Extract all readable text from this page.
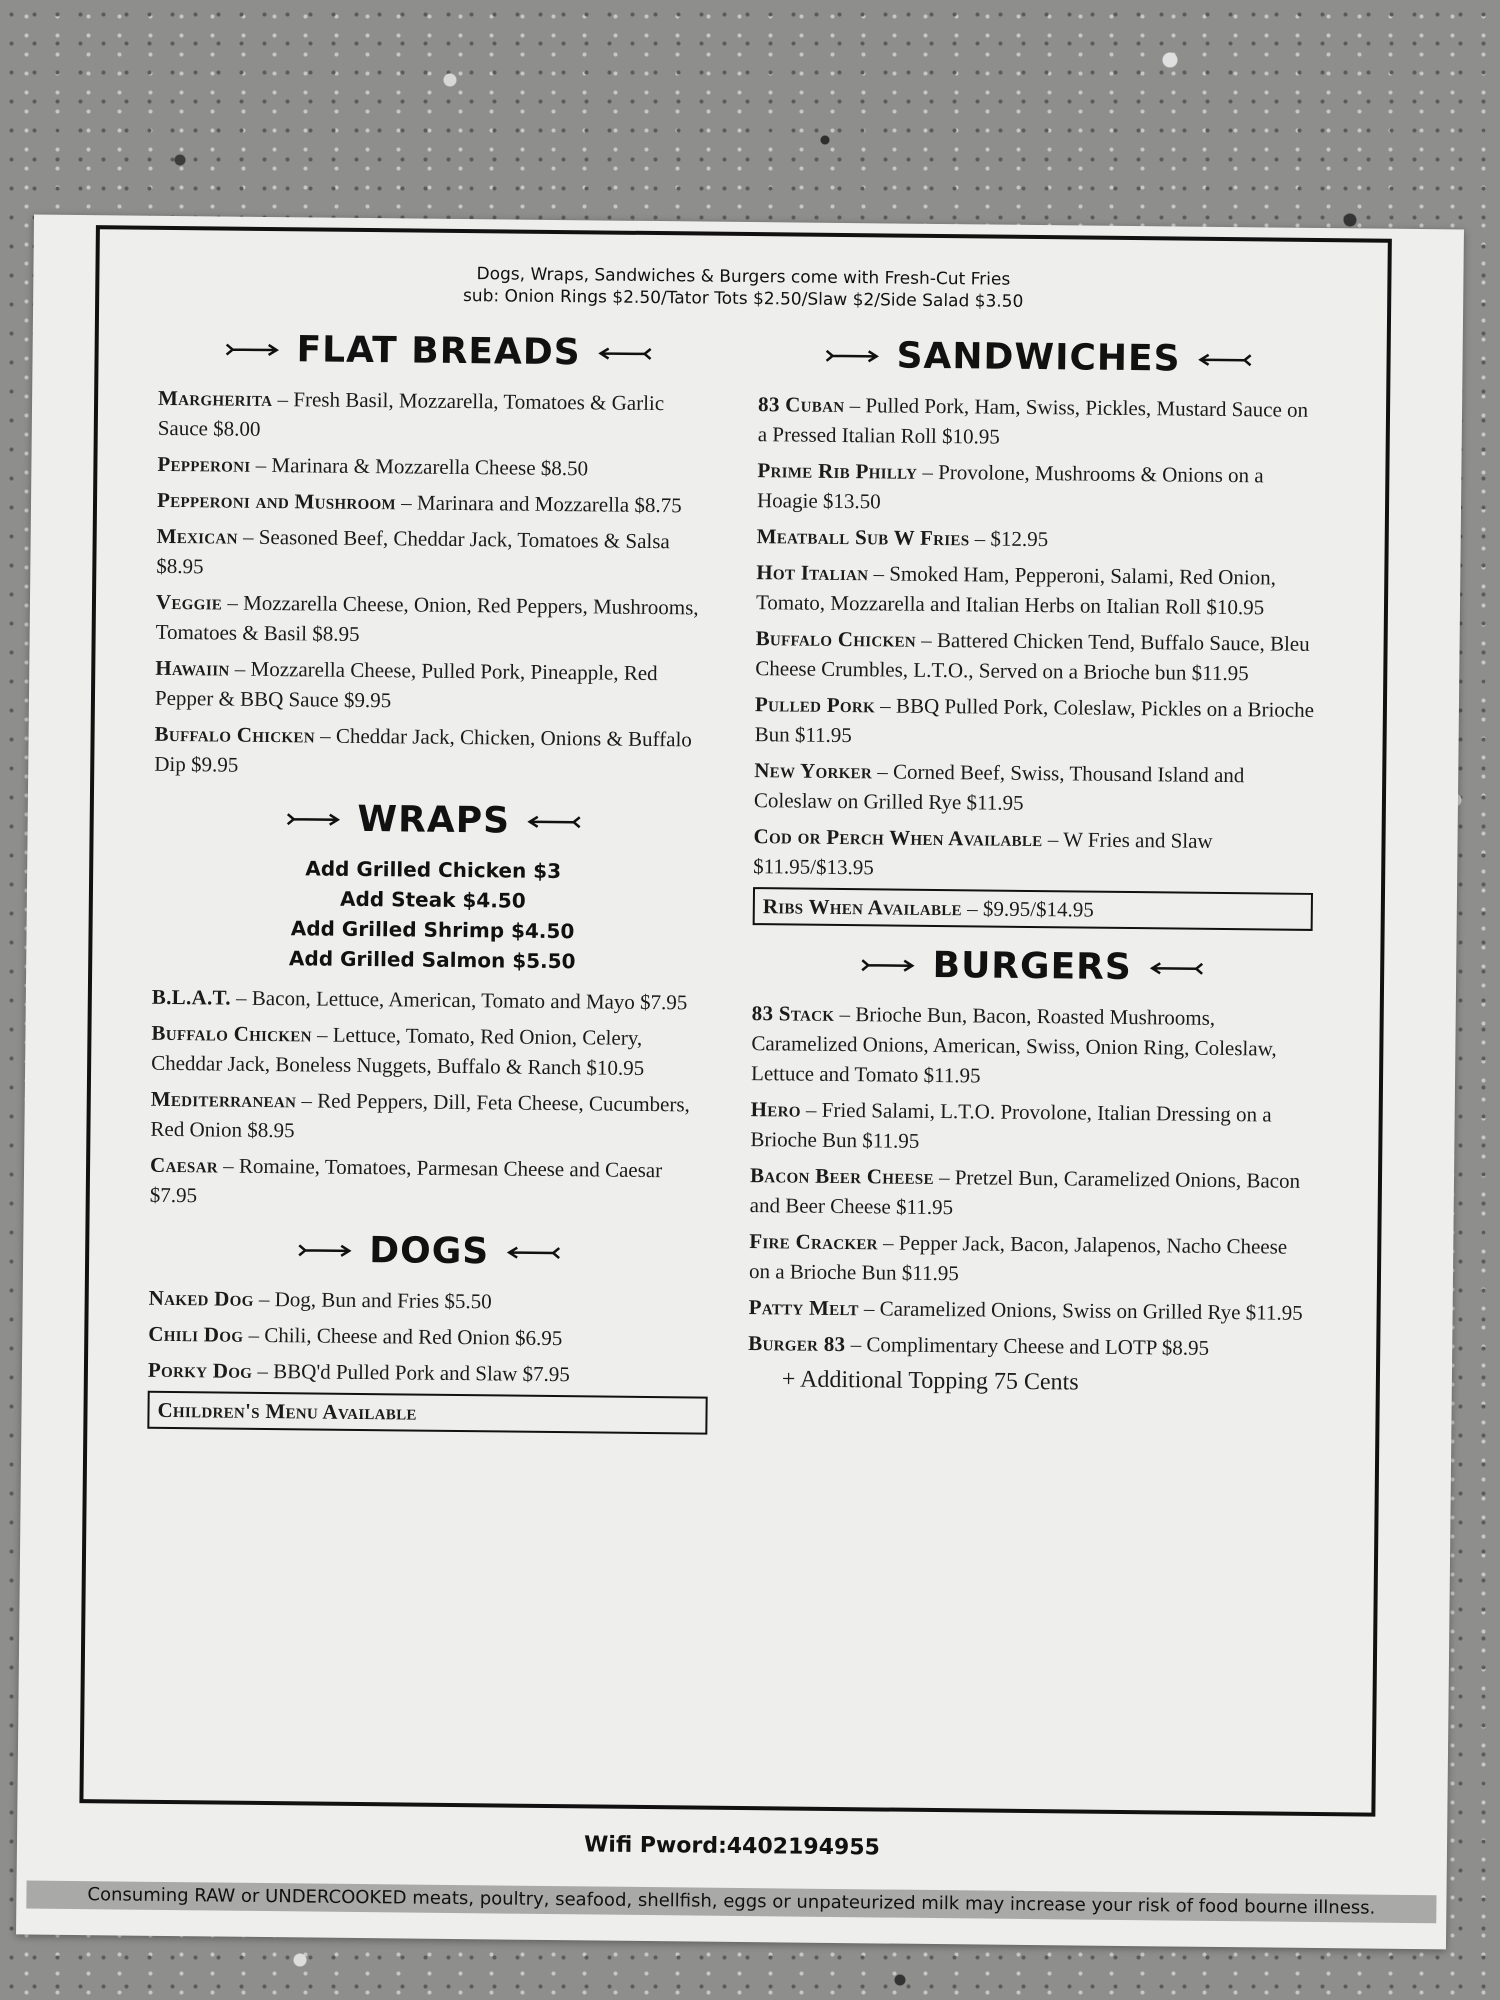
Dogs, Wraps, Sandwiches & Burgers come with Fresh-Cut Fries
sub: Onion Rings $2.50/Tator Tots $2.50/Slaw $2/Side Salad $3.50
FLAT BREADS
Margherita – Fresh Basil, Mozzarella, Tomatoes & Garlic Sauce $8.00
Pepperoni – Marinara & Mozzarella Cheese $8.50
Pepperoni and Mushroom – Marinara and Mozzarella $8.75
Mexican – Seasoned Beef, Cheddar Jack, Tomatoes & Salsa $8.95
Veggie – Mozzarella Cheese, Onion, Red Peppers, Mushrooms, Tomatoes & Basil $8.95
Hawaiin – Mozzarella Cheese, Pulled Pork, Pineapple, Red Pepper & BBQ Sauce $9.95
Buffalo Chicken – Cheddar Jack, Chicken, Onions & Buffalo Dip $9.95
WRAPS
Add Grilled Chicken $3
Add Steak $4.50
Add Grilled Shrimp $4.50
Add Grilled Salmon $5.50
B.L.A.T. – Bacon, Lettuce, American, Tomato and Mayo $7.95
Buffalo Chicken – Lettuce, Tomato, Red Onion, Celery, Cheddar Jack, Boneless Nuggets, Buffalo & Ranch $10.95
Mediterranean – Red Peppers, Dill, Feta Cheese, Cucumbers, Red Onion $8.95
Caesar – Romaine, Tomatoes, Parmesan Cheese and Caesar $7.95
DOGS
Naked Dog – Dog, Bun and Fries $5.50
Chili Dog – Chili, Cheese and Red Onion $6.95
Porky Dog – BBQ'd Pulled Pork and Slaw $7.95
Children's Menu Available
SANDWICHES
83 Cuban – Pulled Pork, Ham, Swiss, Pickles, Mustard Sauce on a Pressed Italian Roll $10.95
Prime Rib Philly – Provolone, Mushrooms & Onions on a Hoagie $13.50
Meatball Sub W Fries – $12.95
Hot Italian – Smoked Ham, Pepperoni, Salami, Red Onion, Tomato, Mozzarella and Italian Herbs on Italian Roll $10.95
Buffalo Chicken – Battered Chicken Tend, Buffalo Sauce, Bleu Cheese Crumbles, L.T.O., Served on a Brioche bun $11.95
Pulled Pork – BBQ Pulled Pork, Coleslaw, Pickles on a Brioche Bun $11.95
New Yorker – Corned Beef, Swiss, Thousand Island and Coleslaw on Grilled Rye $11.95
Cod or Perch When Available – W Fries and Slaw $11.95/$13.95
Ribs When Available – $9.95/$14.95
BURGERS
83 Stack – Brioche Bun, Bacon, Roasted Mushrooms, Caramelized Onions, American, Swiss, Onion Ring, Coleslaw, Lettuce and Tomato $11.95
Hero – Fried Salami, L.T.O. Provolone, Italian Dressing on a Brioche Bun $11.95
Bacon Beer Cheese – Pretzel Bun, Caramelized Onions, Bacon and Beer Cheese $11.95
Fire Cracker – Pepper Jack, Bacon, Jalapenos, Nacho Cheese on a Brioche Bun $11.95
Patty Melt – Caramelized Onions, Swiss on Grilled Rye $11.95
Burger 83 – Complimentary Cheese and LOTP $8.95
+ Additional Topping 75 Cents
Wifi Pword:4402194955
Consuming RAW or UNDERCOOKED meats, poultry, seafood, shellfish, eggs or unpateurized milk may increase your risk of food bourne illness.
